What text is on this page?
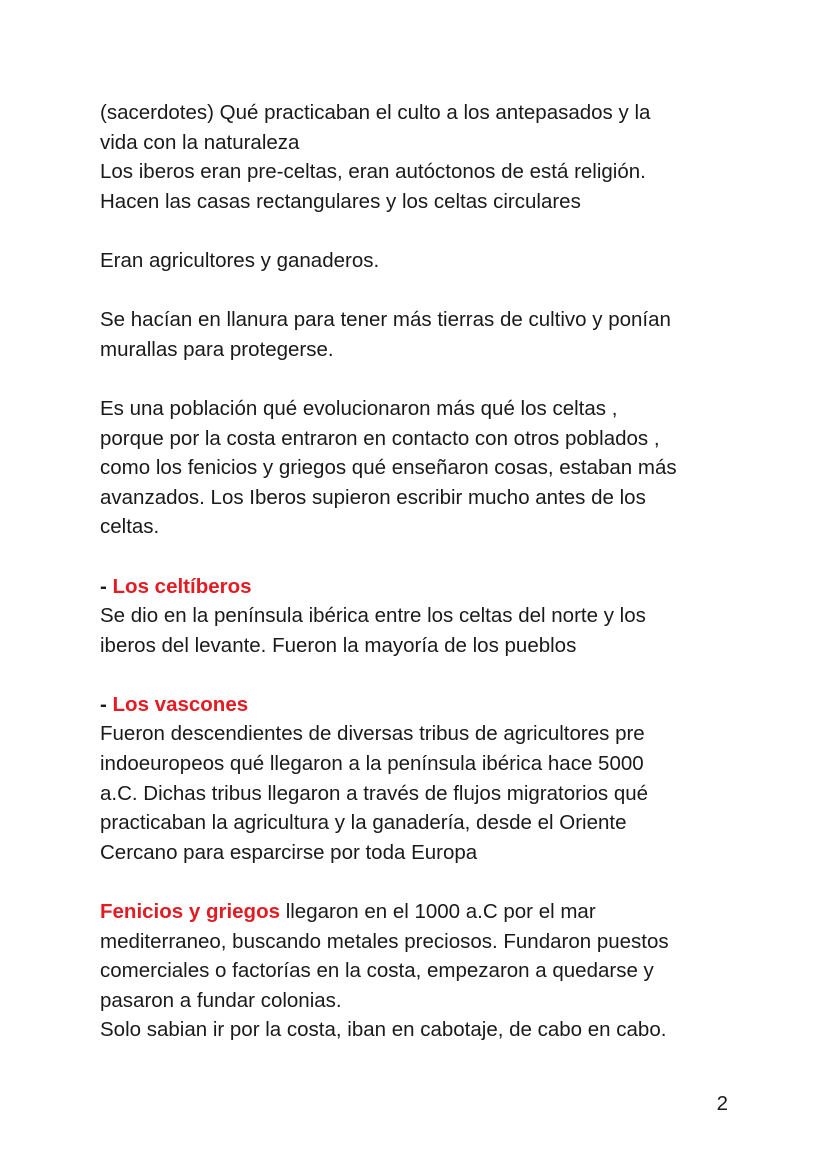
(sacerdotes) Qué practicaban el culto a los antepasados y la

vida con la naturaleza

Los iberos eran pre-celtas, eran autóctonos de está religión.

Hacen las casas rectangulares y los celtas circulares

Eran agricultores y ganaderos.

Se hacían en llanura para tener más tierras de cultivo y ponían

murallas para protegerse.

Es una población qué evolucionaron más qué los celtas ,

porque por la costa entraron en contacto con otros poblados ,

como los fenicios y griegos qué enseñaron cosas, estaban más

avanzados. Los Iberos supieron escribir mucho antes de los

celtas.

- Los celtíberos

Se dio en la península ibérica entre los celtas del norte y los

iberos del levante. Fueron la mayoría de los pueblos

- Los vascones

Fueron descendientes de diversas tribus de agricultores pre

indoeuropeos qué llegaron a la península ibérica hace 5000

a.C. Dichas tribus llegaron a través de flujos migratorios qué

practicaban la agricultura y la ganadería, desde el Oriente

Cercano para esparcirse por toda Europa

Fenicios y griegos llegaron en el 1000 a.C por el mar

mediterraneo, buscando metales preciosos. Fundaron puestos

comerciales o factorías en la costa, empezaron a quedarse y

pasaron a fundar colonias.

Solo sabian ir por la costa, iban en cabotaje, de cabo en cabo.

2
